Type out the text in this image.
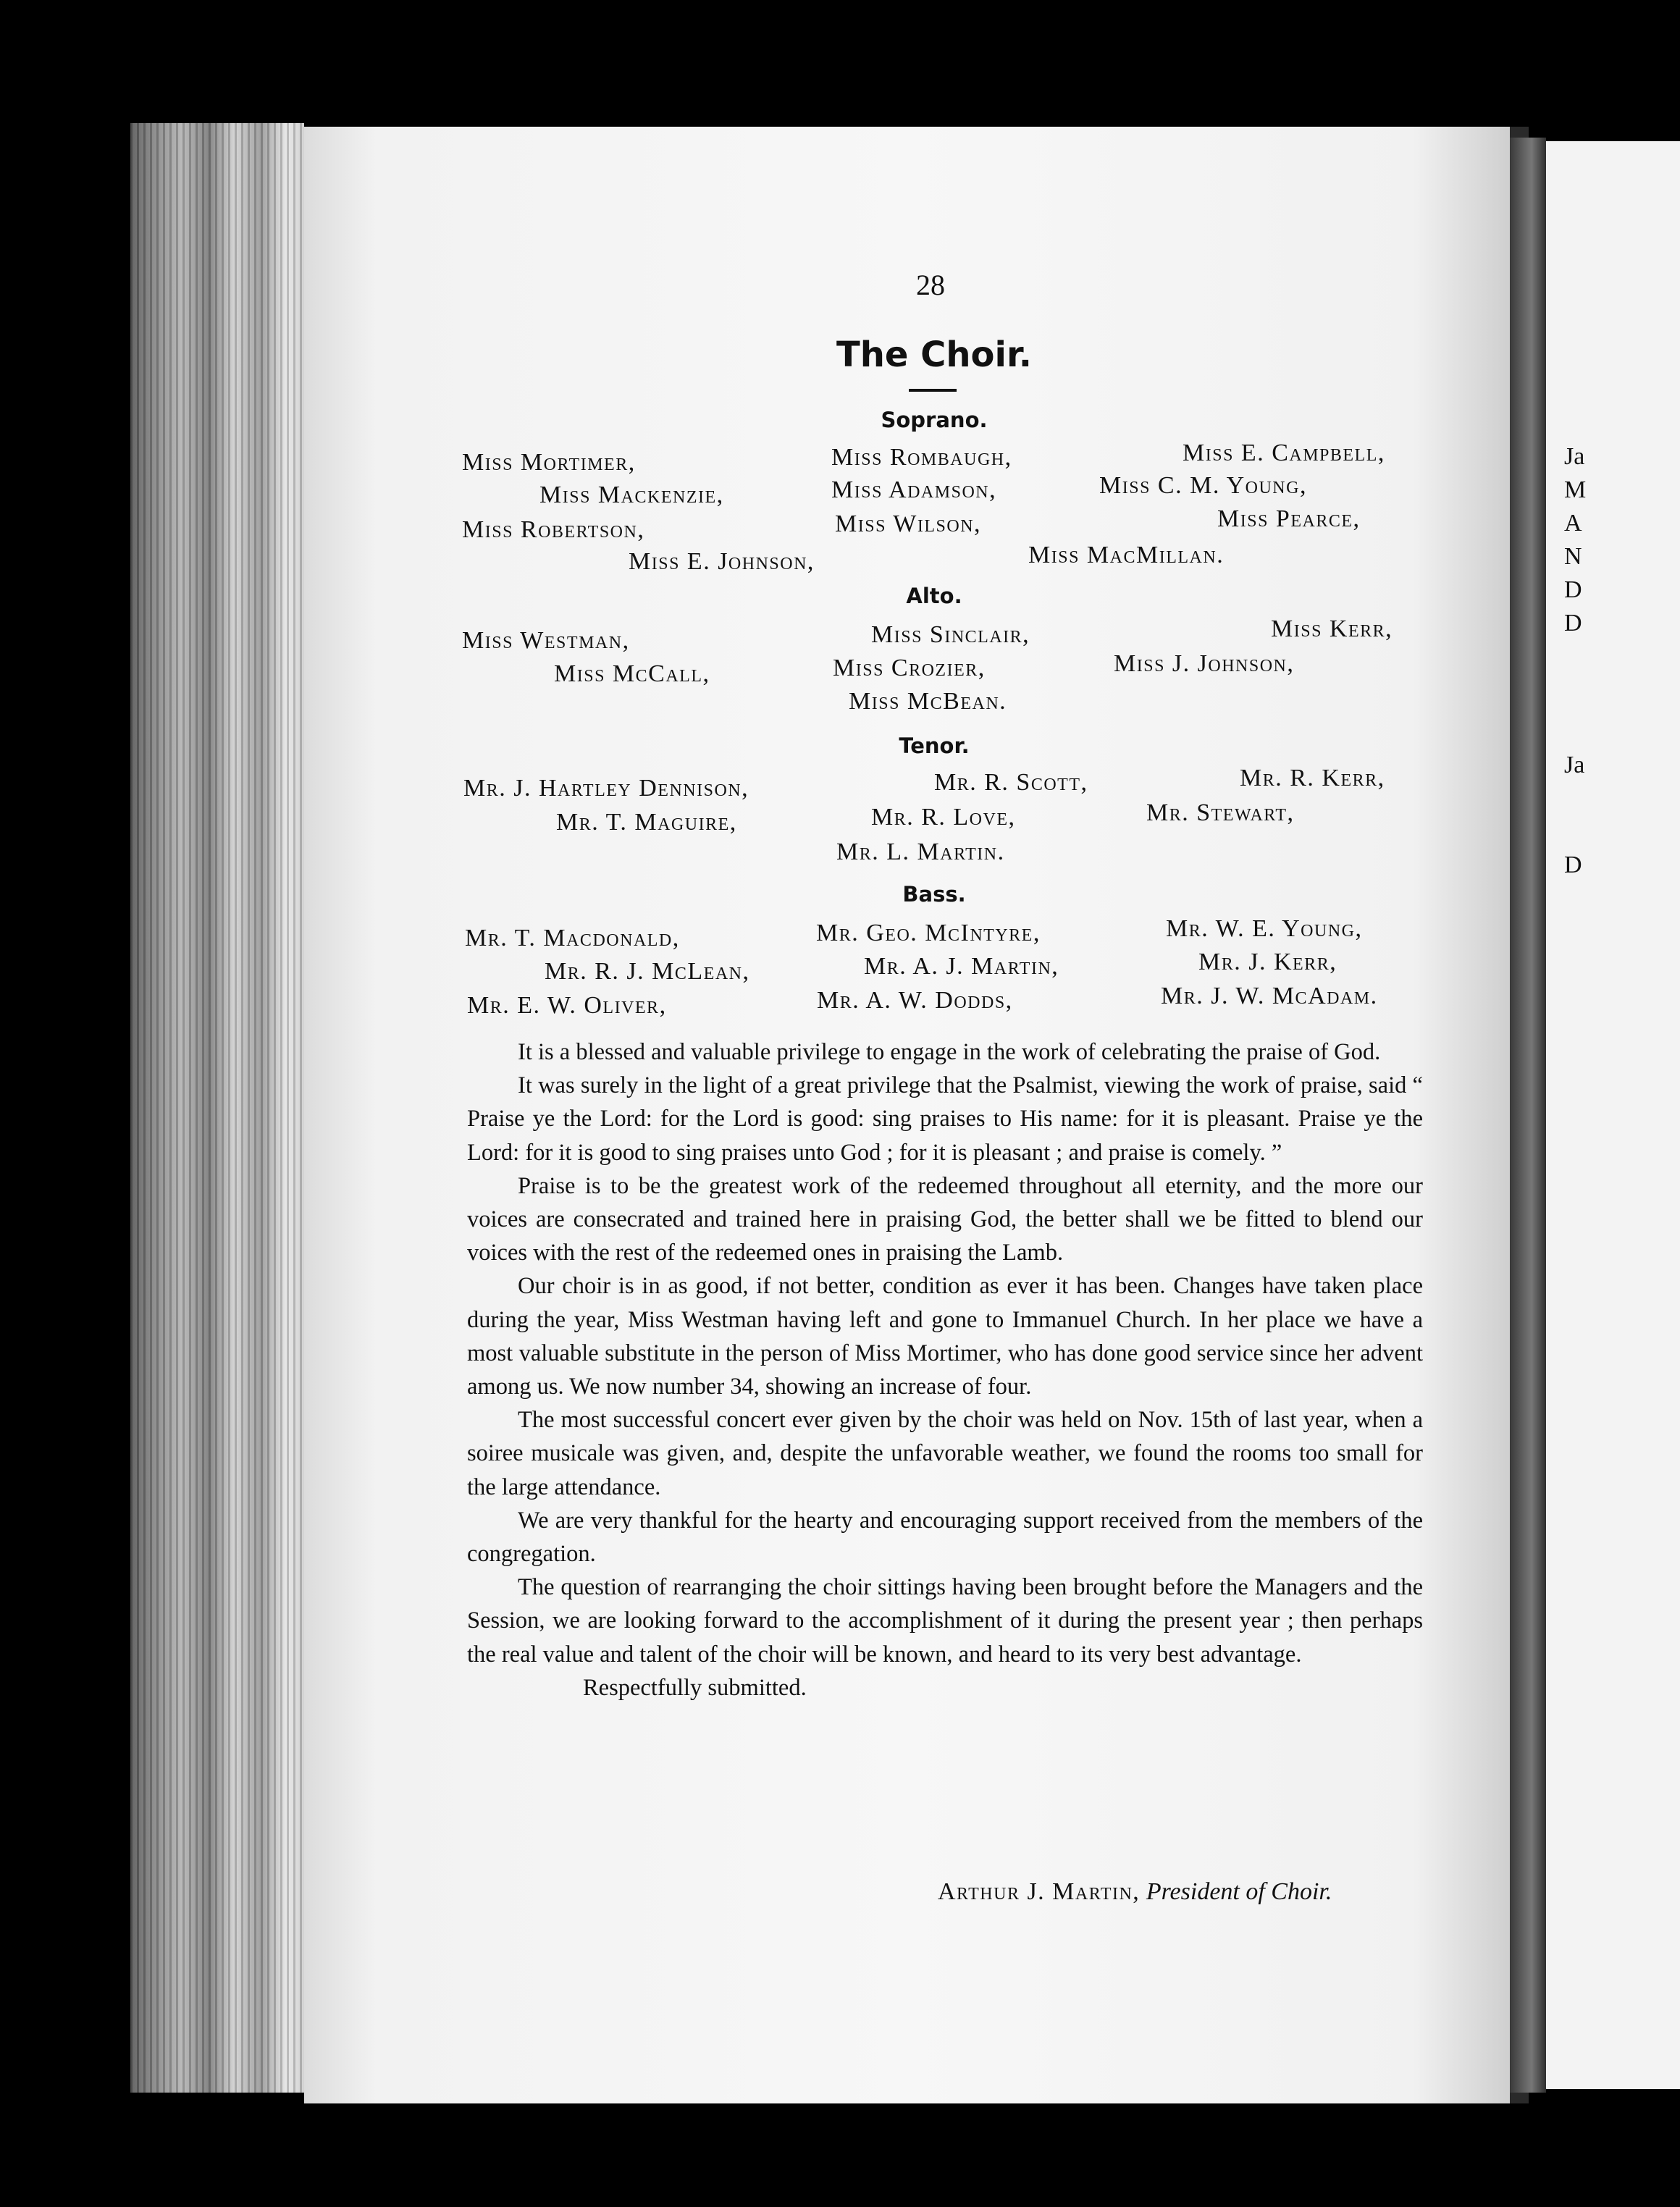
Ja
M
A
N
D
D
Ja
D
28
The Choir.
Soprano.
Miss Mortimer,	Miss Rombaugh,	Miss E. Campbell,
Miss Mackenzie,	Miss Adamson,	Miss C. M. Young,
Miss Robertson,	Miss Wilson,	Miss Pearce,
Miss E. Johnson,	Miss MacMillan.
Alto.
Miss Westman,	Miss Sinclair,	Miss Kerr,
Miss McCall,	Miss Crozier,	Miss J. Johnson,
Miss McBean.
Tenor.
Mr. J. Hartley Dennison,	Mr. R. Scott,	Mr. R. Kerr,
Mr. T. Maguire,	Mr. R. Love,	Mr. Stewart,
Mr. L. Martin.
Bass.
Mr. T. Macdonald,	Mr. Geo. McIntyre,	Mr. W. E. Young,
Mr. R. J. McLean,	Mr. A. J. Martin,	Mr. J. Kerr,
Mr. E. W. Oliver,	Mr. A. W. Dodds,	Mr. J. W. McAdam.

It is a blessed and valuable privilege to engage in the work of celebrating the praise of God.

It was surely in the light of a great privilege that the Psalmist, viewing the work of praise, said “ Praise ye the Lord: for the Lord is good: sing praises to His name: for it is pleasant. Praise ye the Lord: for it is good to sing praises unto God ; for it is pleasant ; and praise is comely. ”

Praise is to be the greatest work of the redeemed throughout all eternity, and the more our voices are consecrated and trained here in praising God, the better shall we be fitted to blend our voices with the rest of the redeemed ones in praising the Lamb.

Our choir is in as good, if not better, condition as ever it has been. Changes have taken place during the year, Miss Westman having left and gone to Immanuel Church. In her place we have a most valuable substitute in the person of Miss Mortimer, who has done good service since her advent among us. We now number 34, showing an increase of four.

The most successful concert ever given by the choir was held on Nov. 15th of last year, when a soiree musicale was given, and, despite the unfavorable weather, we found the rooms too small for the large attendance.

We are very thankful for the hearty and encouraging support received from the members of the congregation.

The question of rearranging the choir sittings having been brought before the Managers and the Session, we are looking forward to the accomplishment of it during the present year ; then perhaps the real value and talent of the choir will be known, and heard to its very best advantage.

Respectfully submitted.

Arthur J. Martin, President of Choir.
